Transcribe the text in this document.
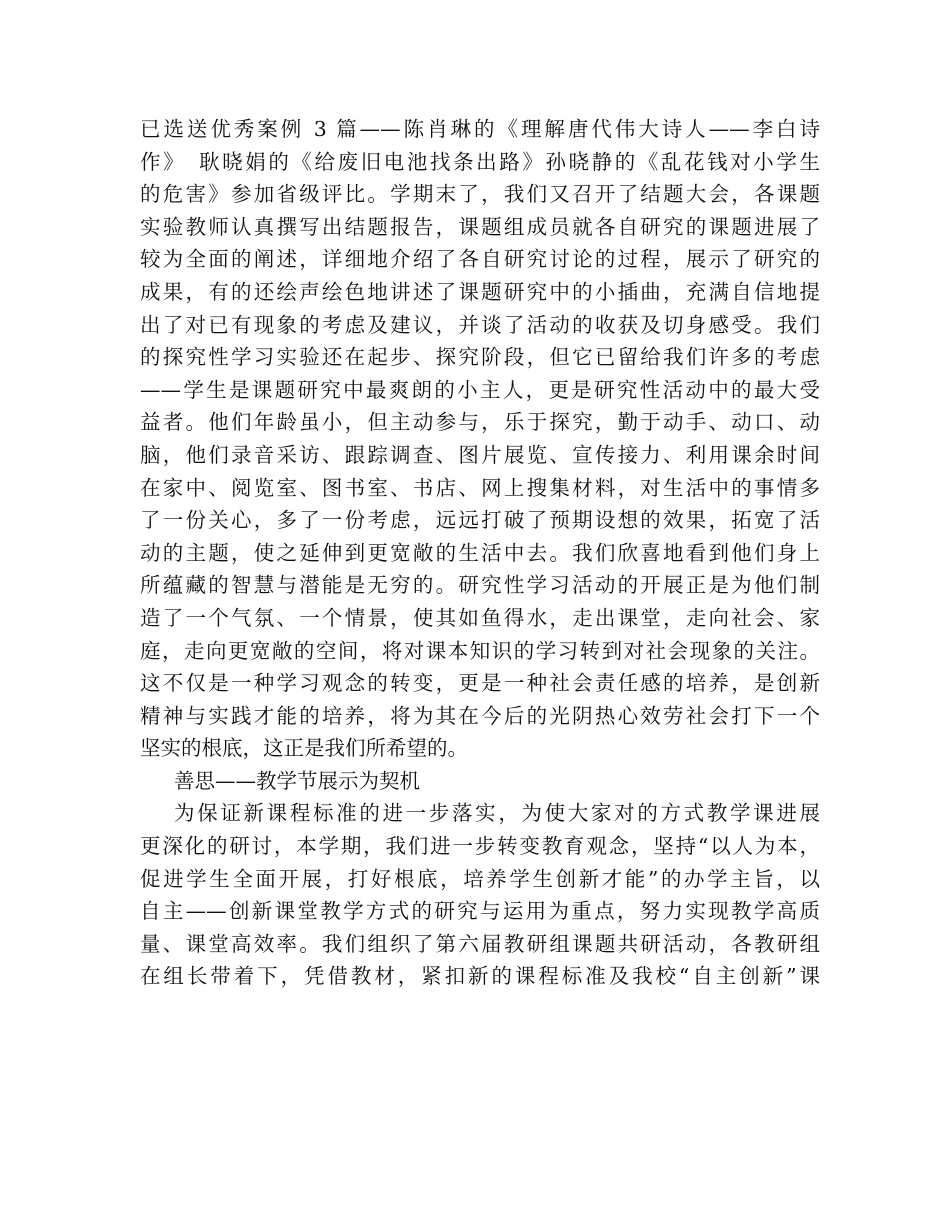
已选送优秀案例 3 篇——陈肖琳的《理解唐代伟大诗人——李白诗
作》　耿晓娟的《给废旧电池找条出路》孙晓静的《乱花钱对小学生
的危害》参加省级评比。学期末了，我们又召开了结题大会，各课题
实验教师认真撰写出结题报告，课题组成员就各自研究的课题进展了
较为全面的阐述，详细地介绍了各自研究讨论的过程，展示了研究的
成果，有的还绘声绘色地讲述了课题研究中的小插曲，充满自信地提
出了对已有现象的考虑及建议，并谈了活动的收获及切身感受。我们
的探究性学习实验还在起步、探究阶段，但它已留给我们许多的考虑
——学生是课题研究中最爽朗的小主人，更是研究性活动中的最大受
益者。他们年龄虽小，但主动参与，乐于探究，勤于动手、动口、动
脑，他们录音采访、跟踪调查、图片展览、宣传接力、利用课余时间
在家中、阅览室、图书室、书店、网上搜集材料，对生活中的事情多
了一份关心，多了一份考虑，远远打破了预期设想的效果，拓宽了活
动的主题，使之延伸到更宽敞的生活中去。我们欣喜地看到他们身上
所蕴藏的智慧与潜能是无穷的。研究性学习活动的开展正是为他们制
造了一个气氛、一个情景，使其如鱼得水，走出课堂，走向社会、家
庭，走向更宽敞的空间，将对课本知识的学习转到对社会现象的关注。
这不仅是一种学习观念的转变，更是一种社会责任感的培养，是创新
精神与实践才能的培养，将为其在今后的光阴热心效劳社会打下一个
坚实的根底，这正是我们所希望的。
善思——教学节展示为契机
为保证新课程标准的进一步落实，为使大家对的方式教学课进展
更深化的研讨，本学期，我们进一步转变教育观念，坚持“以人为本，
促进学生全面开展，打好根底，培养学生创新才能”的办学主旨，以
自主——创新课堂教学方式的研究与运用为重点，努力实现教学高质
量、课堂高效率。我们组织了第六届教研组课题共研活动，各教研组
在组长带着下，凭借教材，紧扣新的课程标准及我校“自主创新”课
